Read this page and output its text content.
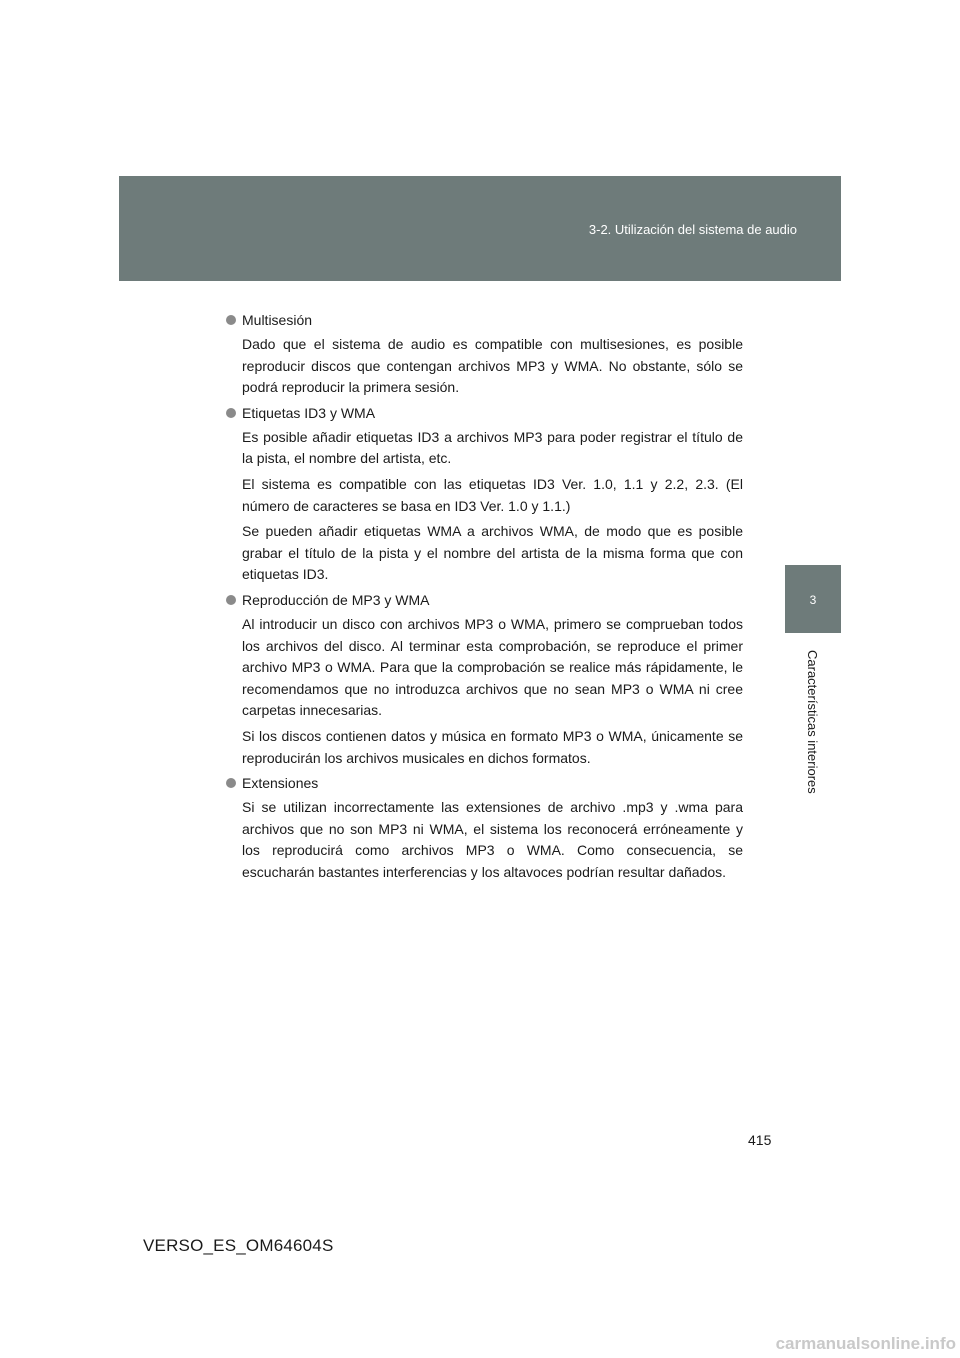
3-2. Utilización del sistema de audio
3
Características interiores
Multisesión

Dado que el sistema de audio es compatible con multisesiones, es posible reproducir discos que contengan archivos MP3 y WMA. No obstante, sólo se podrá reproducir la primera sesión.

Etiquetas ID3 y WMA

Es posible añadir etiquetas ID3 a archivos MP3 para poder registrar el título de la pista, el nombre del artista, etc.

El sistema es compatible con las etiquetas ID3 Ver. 1.0, 1.1 y 2.2, 2.3. (El número de caracteres se basa en ID3 Ver. 1.0 y 1.1.)

Se pueden añadir etiquetas WMA a archivos WMA, de modo que es posible grabar el título de la pista y el nombre del artista de la misma forma que con etiquetas ID3.

Reproducción de MP3 y WMA

Al introducir un disco con archivos MP3 o WMA, primero se comprueban todos los archivos del disco. Al terminar esta comprobación, se reproduce el primer archivo MP3 o WMA. Para que la comprobación se realice más rápidamente, le recomendamos que no introduzca archivos que no sean MP3 o WMA ni cree carpetas innecesarias.

Si los discos contienen datos y música en formato MP3 o WMA, únicamente se reproducirán los archivos musicales en dichos formatos.

Extensiones

Si se utilizan incorrectamente las extensiones de archivo .mp3 y .wma para archivos que no son MP3 ni WMA, el sistema los reconocerá erróneamente y los reproducirá como archivos MP3 o WMA. Como consecuencia, se escucharán bastantes interferencias y los altavoces podrían resultar dañados.

415
VERSO_ES_OM64604S
carmanualsonline.info
